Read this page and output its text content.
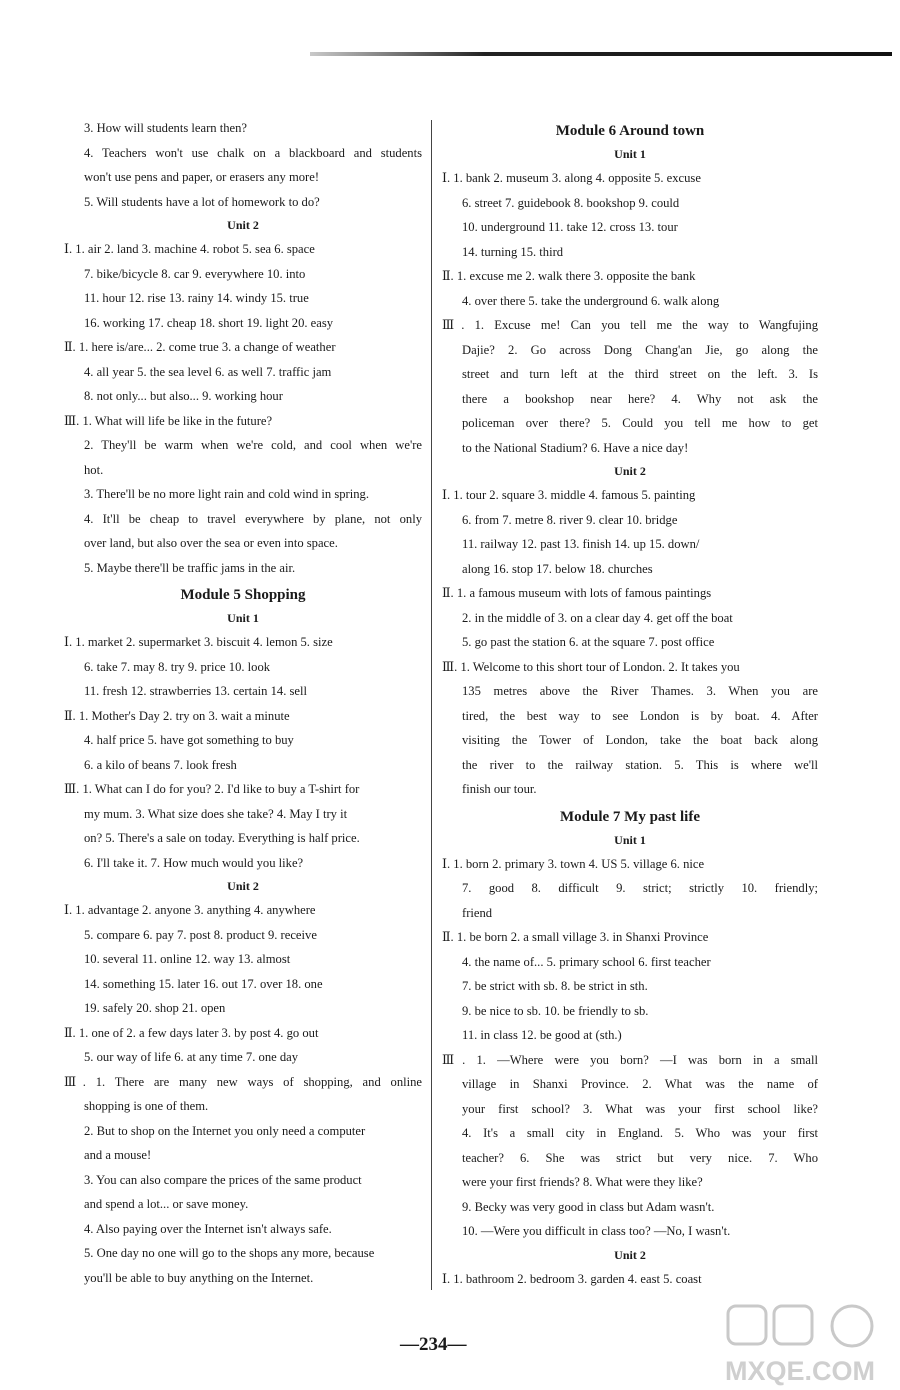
3. How will students learn then?
4. Teachers won't use chalk on a blackboard and students
won't use pens and paper, or erasers any more!
5. Will students have a lot of homework to do?
Unit 2
Ⅰ. 1. air 2. land 3. machine 4. robot 5. sea 6. space
7. bike/bicycle 8. car 9. everywhere 10. into
11. hour 12. rise 13. rainy 14. windy 15. true
16. working 17. cheap 18. short 19. light 20. easy
Ⅱ. 1. here is/are... 2. come true 3. a change of weather
4. all year 5. the sea level 6. as well 7. traffic jam
8. not only... but also... 9. working hour
Ⅲ. 1. What will life be like in the future?
2. They'll be warm when we're cold, and cool when we're
hot.
3. There'll be no more light rain and cold wind in spring.
4. It'll be cheap to travel everywhere by plane, not only
over land, but also over the sea or even into space.
5. Maybe there'll be traffic jams in the air.
Module 5 Shopping
Unit 1
Ⅰ. 1. market 2. supermarket 3. biscuit 4. lemon 5. size
6. take 7. may 8. try 9. price 10. look
11. fresh 12. strawberries 13. certain 14. sell
Ⅱ. 1. Mother's Day 2. try on 3. wait a minute
4. half price 5. have got something to buy
6. a kilo of beans 7. look fresh
Ⅲ. 1. What can I do for you? 2. I'd like to buy a T-shirt for
my mum. 3. What size does she take? 4. May I try it
on? 5. There's a sale on today. Everything is half price.
6. I'll take it. 7. How much would you like?
Unit 2
Ⅰ. 1. advantage 2. anyone 3. anything 4. anywhere
5. compare 6. pay 7. post 8. product 9. receive
10. several 11. online 12. way 13. almost
14. something 15. later 16. out 17. over 18. one
19. safely 20. shop 21. open
Ⅱ. 1. one of 2. a few days later 3. by post 4. go out
5. our way of life 6. at any time 7. one day
Ⅲ. 1. There are many new ways of shopping, and online
shopping is one of them.
2. But to shop on the Internet you only need a computer
and a mouse!
3. You can also compare the prices of the same product
and spend a lot... or save money.
4. Also paying over the Internet isn't always safe.
5. One day no one will go to the shops any more, because
you'll be able to buy anything on the Internet.
Module 6 Around town
Unit 1
Ⅰ. 1. bank 2. museum 3. along 4. opposite 5. excuse
6. street 7. guidebook 8. bookshop 9. could
10. underground 11. take 12. cross 13. tour
14. turning 15. third
Ⅱ. 1. excuse me 2. walk there 3. opposite the bank
4. over there 5. take the underground 6. walk along
Ⅲ. 1. Excuse me! Can you tell me the way to Wangfujing
Dajie? 2. Go across Dong Chang'an Jie, go along the
street and turn left at the third street on the left. 3. Is
there a bookshop near here? 4. Why not ask the
policeman over there? 5. Could you tell me how to get
to the National Stadium? 6. Have a nice day!
Unit 2
Ⅰ. 1. tour 2. square 3. middle 4. famous 5. painting
6. from 7. metre 8. river 9. clear 10. bridge
11. railway 12. past 13. finish 14. up 15. down/
along 16. stop 17. below 18. churches
Ⅱ. 1. a famous museum with lots of famous paintings
2. in the middle of 3. on a clear day 4. get off the boat
5. go past the station 6. at the square 7. post office
Ⅲ. 1. Welcome to this short tour of London. 2. It takes you
135 metres above the River Thames. 3. When you are
tired, the best way to see London is by boat. 4. After
visiting the Tower of London, take the boat back along
the river to the railway station. 5. This is where we'll
finish our tour.
Module 7 My past life
Unit 1
Ⅰ. 1. born 2. primary 3. town 4. US 5. village 6. nice
7. good 8. difficult 9. strict; strictly 10. friendly;
friend
Ⅱ. 1. be born 2. a small village 3. in Shanxi Province
4. the name of... 5. primary school 6. first teacher
7. be strict with sb. 8. be strict in sth.
9. be nice to sb. 10. be friendly to sb.
11. in class 12. be good at (sth.)
Ⅲ. 1. —Where were you born? —I was born in a small
village in Shanxi Province. 2. What was the name of
your first school? 3. What was your first school like?
4. It's a small city in England. 5. Who was your first
teacher? 6. She was strict but very nice. 7. Who
were your first friends? 8. What were they like?
9. Becky was very good in class but Adam wasn't.
10. —Were you difficult in class too? —No, I wasn't.
Unit 2
Ⅰ. 1. bathroom 2. bedroom 3. garden 4. east 5. coast
—234—
MXQE.COM
